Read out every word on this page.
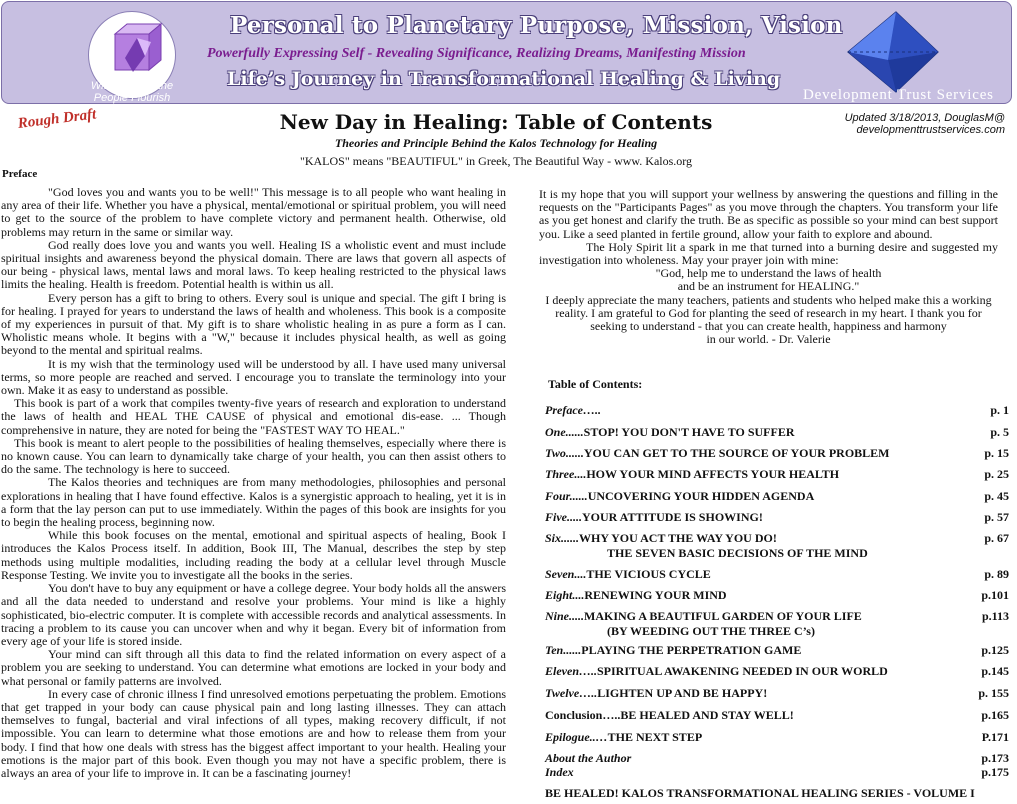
With a Vision the People Flourish
Personal to Planetary Purpose, Mission, Vision
Powerfully Expressing Self - Revealing Significance, Realizing Dreams, Manifesting Mission
Life’s Journey in Transformational Healing & Living
Development Trust Services
Rough Draft	New Day in Healing: Table of Contents	Updated 3/18/2013, DouglasM@
developmenttrustservices.com
Theories and Principle Behind the Kalos Technology for Healing
"KALOS" means "BEAUTIFUL" in Greek, The Beautiful Way - www. Kalos.org
Preface

"God loves you and wants you to be well!" This message is to all people who want healing in any area of their life. Whether you have a physical, mental/emotional or spiritual problem, you will need to get to the source of the problem to have complete victory and permanent health. Otherwise, old problems may return in the same or similar way.

God really does love you and wants you well. Healing IS a wholistic event and must include spiritual insights and awareness beyond the physical domain. There are laws that govern all aspects of our being - physical laws, mental laws and moral laws. To keep healing restricted to the physical laws limits the healing. Health is freedom. Potential health is within us all.

Every person has a gift to bring to others. Every soul is unique and special. The gift I bring is for healing. I prayed for years to understand the laws of health and wholeness. This book is a composite of my experiences in pursuit of that. My gift is to share wholistic healing in as pure a form as I can. Wholistic means whole. It begins with a "W," because it includes physical health, as well as going beyond to the mental and spiritual realms.

It is my wish that the terminology used will be understood by all. I have used many universal terms, so more people are reached and served. I encourage you to translate the terminology into your own. Make it as easy to understand as possible.

This book is part of a work that compiles twenty-five years of research and exploration to understand the laws of health and HEAL THE CAUSE of physical and emotional dis-ease. ... Though comprehensive in nature, they are noted for being the "FASTEST WAY TO HEAL."

This book is meant to alert people to the possibilities of healing themselves, especially where there is no known cause. You can learn to dynamically take charge of your health, you can then assist others to do the same. The technology is here to succeed.

The Kalos theories and techniques are from many methodologies, philosophies and personal explorations in healing that I have found effective. Kalos is a synergistic approach to healing, yet it is in a form that the lay person can put to use immediately. Within the pages of this book are insights for you to begin the healing process, beginning now.

While this book focuses on the mental, emotional and spiritual aspects of healing, Book I introduces the Kalos Process itself. In addition, Book III, The Manual, describes the step by step methods using multiple modalities, including reading the body at a cellular level through Muscle Response Testing. We invite you to investigate all the books in the series.

You don't have to buy any equipment or have a college degree. Your body holds all the answers and all the data needed to understand and resolve your problems. Your mind is like a highly sophisticated, bio-electric computer. It is complete with accessible records and analytical assessments. In tracing a problem to its cause you can uncover when and why it began. Every bit of information from every age of your life is stored inside.

Your mind can sift through all this data to find the related information on every aspect of a problem you are seeking to understand. You can determine what emotions are locked in your body and what personal or family patterns are involved.

In every case of chronic illness I find unresolved emotions perpetuating the problem. Emotions that get trapped in your body can cause physical pain and long lasting illnesses. They can attach themselves to fungal, bacterial and viral infections of all types, making recovery difficult, if not impossible. You can learn to determine what those emotions are and how to release them from your body. I find that how one deals with stress has the biggest affect important to your health. Healing your emotions is the major part of this book. Even though you may not have a specific problem, there is always an area of your life to improve in. It can be a fascinating journey!

It is my hope that you will support your wellness by answering the questions and filling in the requests on the "Participants Pages" as you move through the chapters. You transform your life as you get honest and clarify the truth. Be as specific as possible so your mind can best support you. Like a seed planted in fertile ground, allow your faith to explore and abound.

The Holy Spirit lit a spark in me that turned into a burning desire and suggested my investigation into wholeness. May your prayer join with mine:

"God, help me to understand the laws of health

and be an instrument for HEALING."

I deeply appreciate the many teachers, patients and students who helped make this a working reality. I am grateful to God for planting the seed of research in my heart. I thank you for seeking to understand - that you can create health, happiness and harmony

in our world. - Dr. Valerie

Table of Contents:
Preface…..	p. 1
One......STOP! YOU DON'T HAVE TO SUFFER	p. 5
Two......YOU CAN GET TO THE SOURCE OF YOUR PROBLEM	p. 15
Three....HOW YOUR MIND AFFECTS YOUR HEALTH	p. 25
Four......UNCOVERING YOUR HIDDEN AGENDA	p. 45
Five.....YOUR ATTITUDE IS SHOWING!	p. 57
Six......WHY YOU ACT THE WAY YOU DO!
THE SEVEN BASIC DECISIONS OF THE MIND
p. 67
Seven....THE VICIOUS CYCLE	p. 89
Eight....RENEWING YOUR MIND	p.101
Nine.....MAKING A BEAUTIFUL GARDEN OF YOUR LIFE
(BY WEEDING OUT THE THREE C’s)
p.113
Ten......PLAYING THE PERPETRATION GAME	p.125
Eleven…..SPIRITUAL AWAKENING NEEDED IN OUR WORLD	p.145
Twelve…..LIGHTEN UP AND BE HAPPY!	p. 155
Conclusion…..BE HEALED AND STAY WELL!	p.165
Epilogue..…THE NEXT STEP	P.171
About the Author	p.173
Index	p.175
BE HEALED! KALOS TRANSFORMATIONAL HEALING SERIES - VOLUME I
